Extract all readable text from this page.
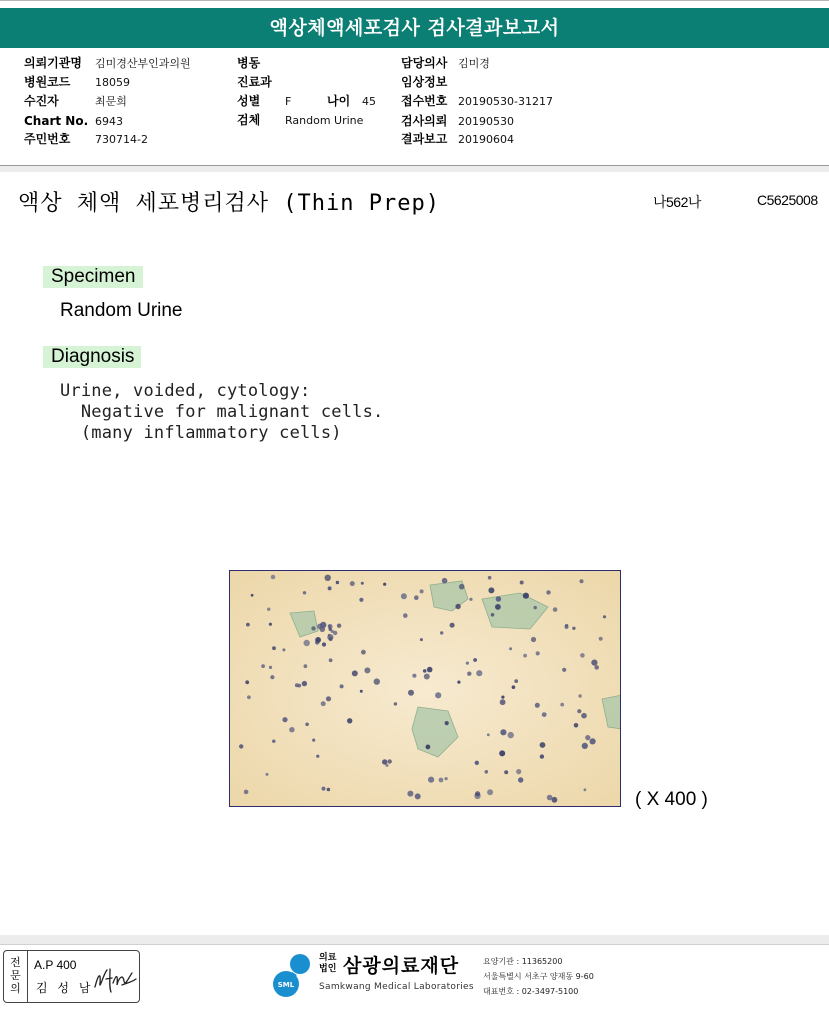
액상체액세포검사 검사결과보고서
의뢰기관명 김미경산부인과의원
병원코드 18059
수진자	최문희
Chart No. 6943
주민번호 730714-2
병동
진료과
성별 F	나이 45
검체 Random Urine
담당의사 김미경
임상정보
접수번호 20190530-31217
검사의뢰 20190530
결과보고 20190604
액상 체액 세포병리검사 (Thin Prep)	나562나	C5625008
Specimen
Random Urine
Diagnosis
Urine, voided, cytology:
Negative for malignant cells.
(many inflammatory cells)
( X 400 )
전문의
A.P 400
김 성 남	SML
의료
법인 삼광의료재단
Samkwang Medical Laboratories
요양기관 : 11365200
서울특별시 서초구 양재동 9-60
대표번호 : 02-3497-5100
